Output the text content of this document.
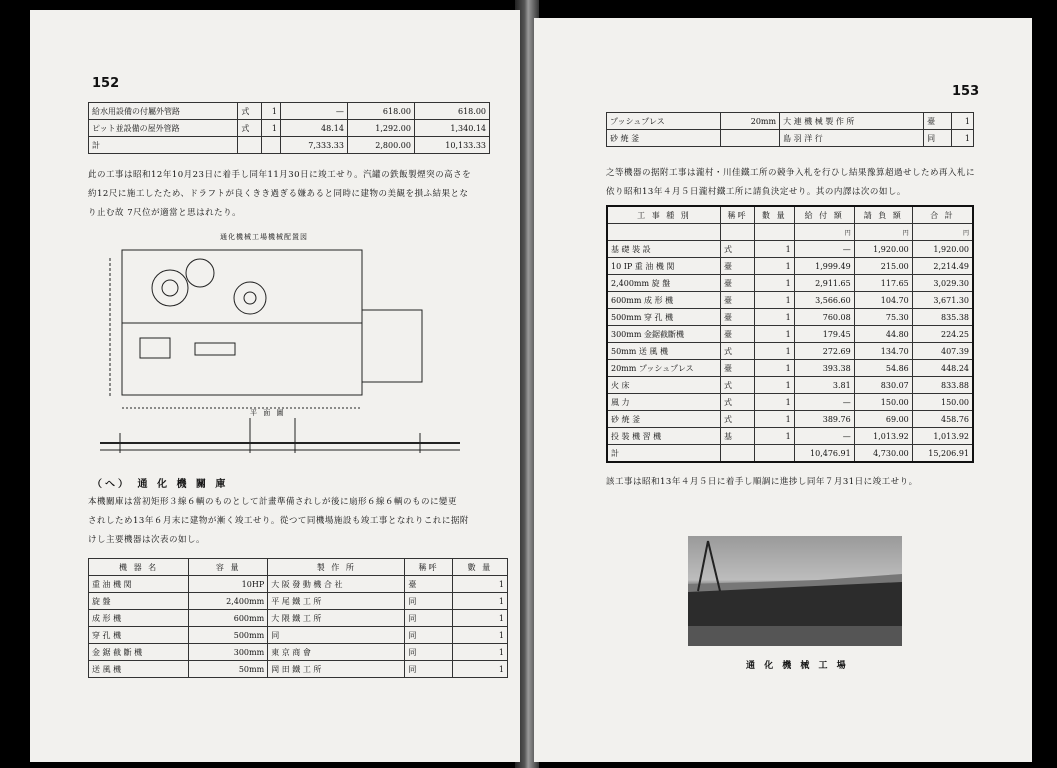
152
給水用設備の付屬外管路	式	1	—	618.00	618.00
ピット並設備の屋外管路	式	1	48.14	1,292.00	1,340.14
計			7,333.33	2,800.00	10,133.33
此の工事は昭和12年10月23日に着手し同年11月30日に竣工せり。汽罐の鉄飯製煙突の高さを
約12尺に施工したため、ドラフトが良くきき過ぎる嫌あると同時に建物の美観を損ふ結果とな
り止む故 7尺位が適當と思はれたり。
通化機械工場機械配置図
平 面 圖
（へ） 通 化 機 關 庫
本機關庫は當初矩形３線６輌のものとして計畫準備されしが後に扇形６線６輌のものに變更
されしため13年６月末に建物が漸く竣工せり。從つて同機場施設も竣工事となれりこれに据附
けし主要機器は次表の如し。
機 器 名	容 量	製 作 所	稱呼	數 量
重 油 機 関	10HP	大 阪 發 動 機 合 社	臺	1
旋 盤	2,400mm	平 尾 鐵 工 所	同	1
成 形 機	600mm	大 隈 鐵 工 所	同	1
穿 孔 機	500mm	同	同	1
金 鋸 截 斷 機	300mm	東 京 商 會	同	1
送 風 機	50mm	岡 田 鐵 工 所	同	1
153
プッシュプレス	20mm	大 連 機 械 製 作 所	臺	1
砂 焼 釜		島 羽 洋 行	同	1
之等機器の据附工事は瀧村・川佳鐵工所の競争入札を行ひし結果豫算超過せしため再入札に
依り昭和13年４月５日瀧村鐵工所に請負決定せり。其の内譯は次の如し。
工 事 種 別	稱呼	數 量	給 付 額	請 負 額	合 計
			円	円	円
基 礎 裝 設	式	1	—	1,920.00	1,920.00
10 IP 重 油 機 関	臺	1	1,999.49	215.00	2,214.49
2,400mm 旋 盤	臺	1	2,911.65	117.65	3,029.30
600mm 成 形 機	臺	1	3,566.60	104.70	3,671.30
500mm 穿 孔 機	臺	1	760.08	75.30	835.38
300mm 金鋸截斷機	臺	1	179.45	44.80	224.25
50mm 送 風 機	式	1	272.69	134.70	407.39
20mm プッシュプレス	臺	1	393.38	54.86	448.24
火 床	式	1	3.81	830.07	833.88
風 力	式	1	—	150.00	150.00
砂 焼 釜	式	1	389.76	69.00	458.76
投 裝 機 習 機	基	1	—	1,013.92	1,013.92
計			10,476.91	4,730.00	15,206.91
該工事は昭和13年４月５日に着手し順調に進捗し同年７月31日に竣工せり。
通 化 機 械 工 場
